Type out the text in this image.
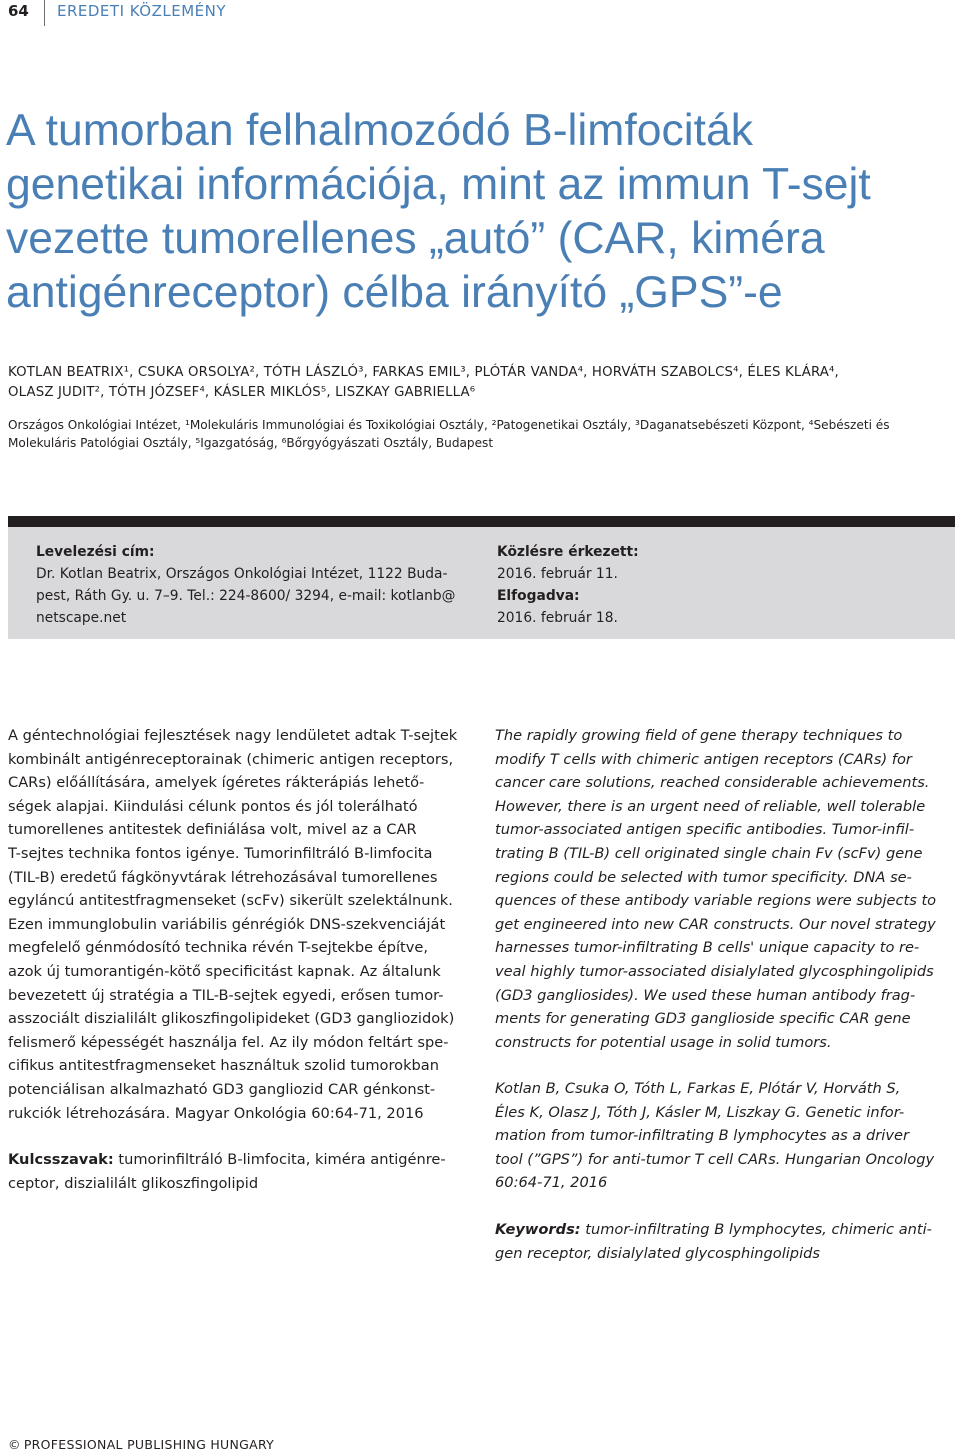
64 EREDETI KÖZLEMÉNY
A tumorban felhalmozódó B-limfociták
genetikai információja, mint az immun T-sejt
vezette tumorellenes „autó” (CAR, kiméra
antigénreceptor) célba irányító „GPS”-e
KOTLAN BEATRIX¹, CSUKA ORSOLYA², TÓTH LÁSZLÓ³, FARKAS EMIL³, PLÓTÁR VANDA⁴, HORVÁTH SZABOLCS⁴, ÉLES KLÁRA⁴,
OLASZ JUDIT², TÓTH JÓZSEF⁴, KÁSLER MIKLÓS⁵, LISZKAY GABRIELLA⁶
Országos Onkológiai Intézet, ¹Molekuláris Immunológiai és Toxikológiai Osztály, ²Patogenetikai Osztály, ³Daganatsebészeti Központ, ⁴Sebészeti és
Molekuláris Patológiai Osztály, ⁵Igazgatóság, ⁶Bőrgyógyászati Osztály, Budapest
Levelezési cím:
Dr. Kotlan Beatrix, Országos Onkológiai Intézet, 1122 Buda-
pest, Ráth Gy. u. 7–9. Tel.: 224-8600/ 3294, e-mail: kotlanb@
netscape.net
Közlésre érkezett:
2016. február 11.
Elfogadva:
2016. február 18.
A géntechnológiai fejlesztések nagy lendületet adtak T-sejtek
kombinált antigénreceptorainak (chimeric antigen receptors,
CARs) előállítására, amelyek ígéretes rákterápiás lehető-
ségek alapjai. Kiindulási célunk pontos és jól tolerálható
tumorellenes antitestek definiálása volt, mivel az a CAR
T-sejtes technika fontos igénye. Tumorinfiltráló B-limfocita
(TIL-B) eredetű fágkönyvtárak létrehozásával tumorellenes
egyláncú antitestfragmenseket (scFv) sikerült szelektálnunk.
Ezen immunglobulin variábilis génrégiók DNS-szekvenciáját
megfelelő génmódosító technika révén T-sejtekbe építve,
azok új tumorantigén-kötő specificitást kapnak. Az általunk
bevezetett új stratégia a TIL-B-sejtek egyedi, erősen tumor-
asszociált diszialilált glikoszfingolipideket (GD3 gangliozidok)
felismerő képességét használja fel. Az ily módon feltárt spe-
cifikus antitestfragmenseket használtuk szolid tumorokban
potenciálisan alkalmazható GD3 gangliozid CAR génkonst-
rukciók létrehozására. Magyar Onkológia 60:64-71, 2016
Kulcsszavak: tumorinfiltráló B-limfocita, kiméra antigénre-
ceptor, diszialilált glikoszfingolipid
The rapidly growing field of gene therapy techniques to
modify T cells with chimeric antigen receptors (CARs) for
cancer care solutions, reached considerable achievements.
However, there is an urgent need of reliable, well tolerable
tumor-associated antigen specific antibodies. Tumor-infil-
trating B (TIL-B) cell originated single chain Fv (scFv) gene
regions could be selected with tumor specificity. DNA se-
quences of these antibody variable regions were subjects to
get engineered into new CAR constructs. Our novel strategy
harnesses tumor-infiltrating B cells' unique capacity to re-
veal highly tumor-associated disialylated glycosphingolipids
(GD3 gangliosides). We used these human antibody frag-
ments for generating GD3 ganglioside specific CAR gene
constructs for potential usage in solid tumors.
Kotlan B, Csuka O, Tóth L, Farkas E, Plótár V, Horváth S,
Éles K, Olasz J, Tóth J, Kásler M, Liszkay G. Genetic infor-
mation from tumor-infiltrating B lymphocytes as a driver
tool (”GPS”) for anti-tumor T cell CARs. Hungarian Oncology
60:64-71, 2016
Keywords: tumor-infiltrating B lymphocytes, chimeric anti-
gen receptor, disialylated glycosphingolipids
© PROFESSIONAL PUBLISHING HUNGARY
